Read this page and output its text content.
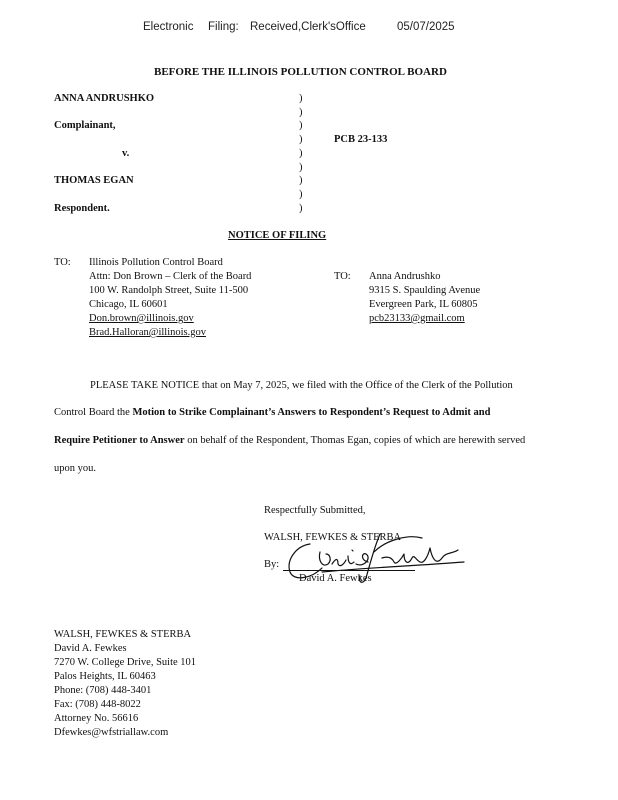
Electronic Filing: Received,Clerk'sOffice	05/07/2025
BEFORE THE ILLINOIS POLLUTION CONTROL BOARD
ANNA ANDRUSHKO
Complainant,
v.
THOMAS EGAN
Respondent.
PCB 23-133
)
)
)
)
)
)
)
)
)
NOTICE OF FILING
TO: Illinois Pollution Control Board
Attn: Don Brown – Clerk of the Board
100 W. Randolph Street, Suite 11-500
Chicago, IL 60601
Don.brown@illinois.gov
Brad.Halloran@illinois.gov
TO: Anna Andrushko
9315 S. Spaulding Avenue
Evergreen Park, IL 60805
pcb23133@gmail.com
PLEASE TAKE NOTICE that on May 7, 2025, we filed with the Office of the Clerk of the Pollution
Control Board the Motion to Strike Complainant’s Answers to Respondent’s Request to Admit and
Require Petitioner to Answer on behalf of the Respondent, Thomas Egan, copies of which are herewith served
upon you.
Respectfully Submitted,
WALSH, FEWKES & STERBA
By:
David A. Fewkes
WALSH, FEWKES & STERBA
David A. Fewkes
7270 W. College Drive, Suite 101
Palos Heights, IL 60463
Phone: (708) 448-3401
Fax: (708) 448-8022
Attorney No. 56616
Dfewkes@wfstriallaw.com
